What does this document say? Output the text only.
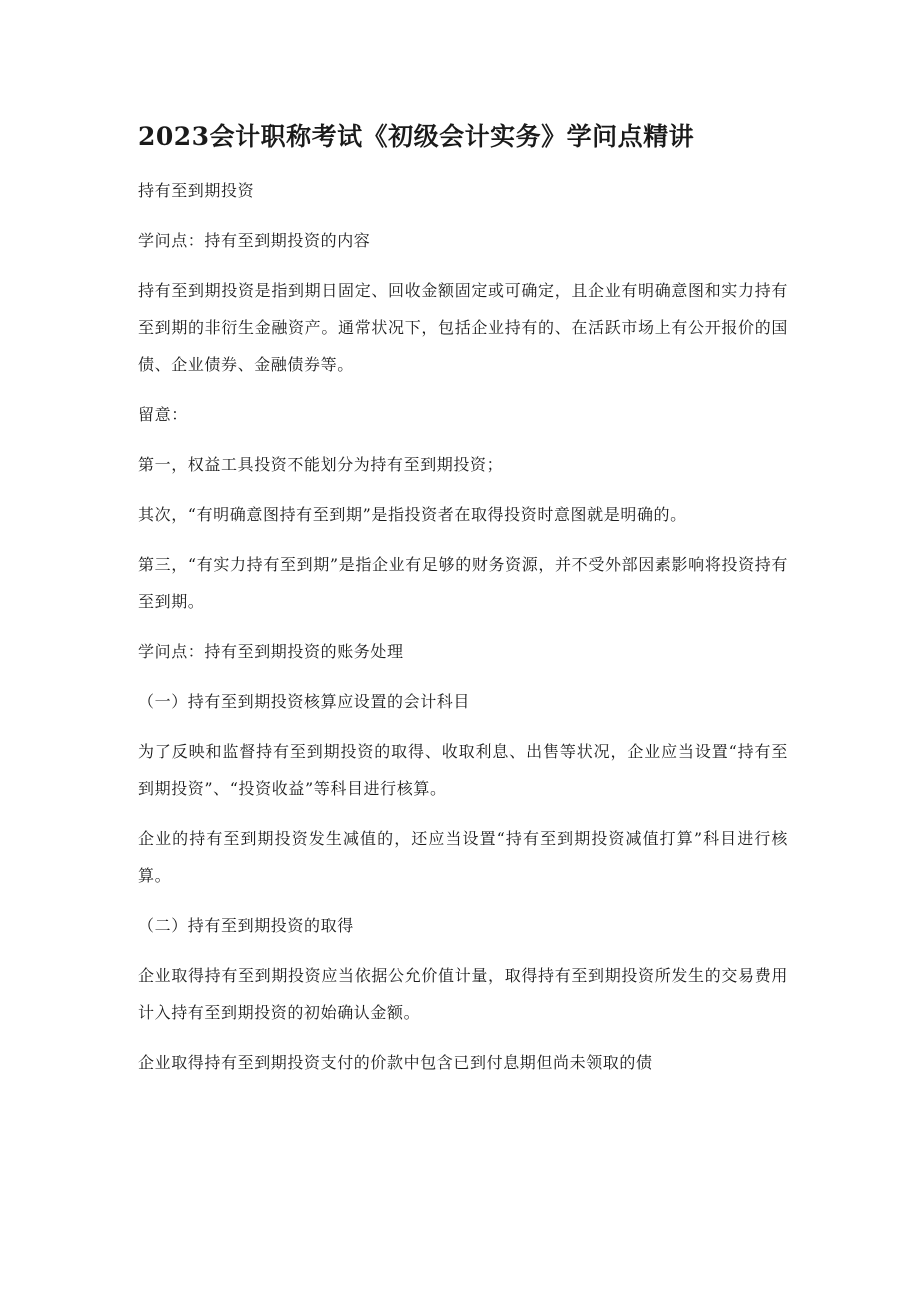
2023会计职称考试《初级会计实务》学问点精讲
持有至到期投资
学问点：持有至到期投资的内容
持有至到期投资是指到期日固定、回收金额固定或可确定，且企业有明确意图和实力持有至到期的非衍生金融资产。通常状况下，包括企业持有的、在活跃市场上有公开报价的国债、企业债券、金融债券等。
留意：
第一，权益工具投资不能划分为持有至到期投资；
其次，“有明确意图持有至到期”是指投资者在取得投资时意图就是明确的。
第三，“有实力持有至到期”是指企业有足够的财务资源，并不受外部因素影响将投资持有至到期。
学问点：持有至到期投资的账务处理
（一）持有至到期投资核算应设置的会计科目
为了反映和监督持有至到期投资的取得、收取利息、出售等状况，企业应当设置“持有至到期投资”、“投资收益”等科目进行核算。
企业的持有至到期投资发生减值的，还应当设置“持有至到期投资减值打算”科目进行核算。
（二）持有至到期投资的取得
企业取得持有至到期投资应当依据公允价值计量，取得持有至到期投资所发生的交易费用计入持有至到期投资的初始确认金额。
企业取得持有至到期投资支付的价款中包含已到付息期但尚未领取的债
